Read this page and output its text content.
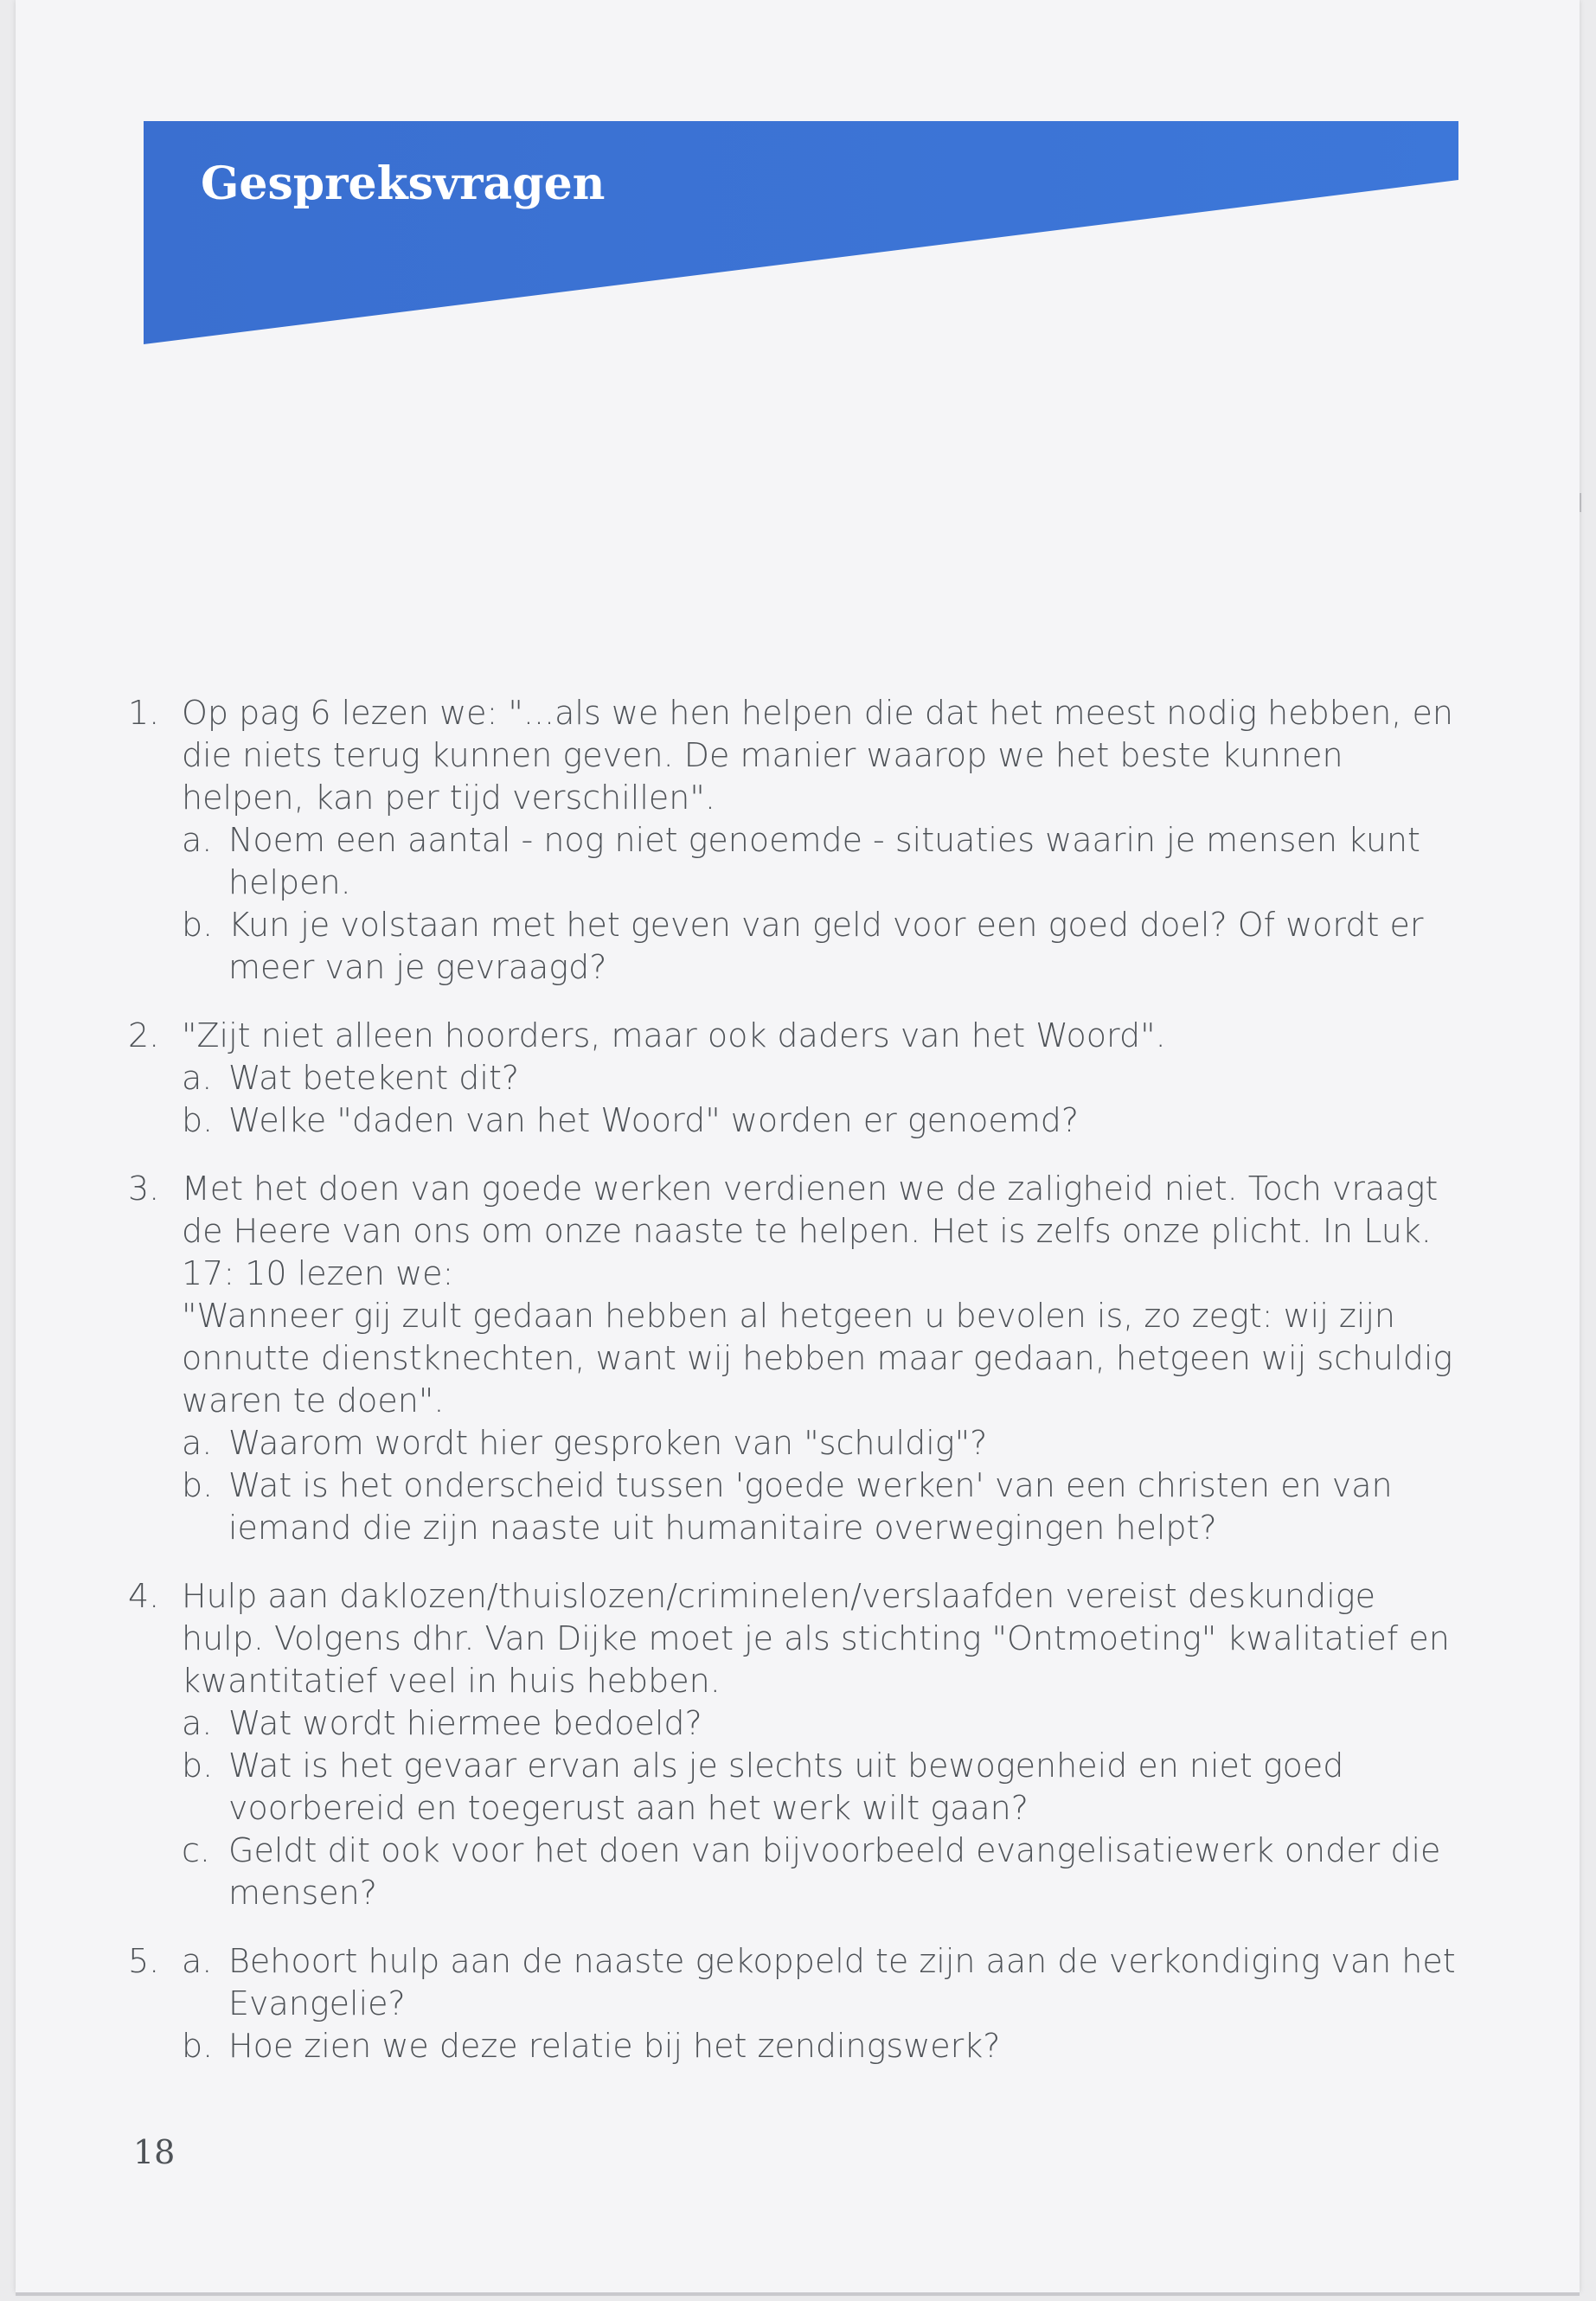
Gespreksvragen
1. Op pag 6 lezen we: "...als we hen helpen die dat het meest nodig hebben, en die niets terug kunnen geven. De manier waarop we het beste kunnen helpen, kan per tijd verschillen".
a. Noem een aantal - nog niet genoemde - situaties waarin je mensen kunt helpen.
b. Kun je volstaan met het geven van geld voor een goed doel? Of wordt er meer van je gevraagd?
2. "Zijt niet alleen hoorders, maar ook daders van het Woord".
a. Wat betekent dit?
b. Welke "daden van het Woord" worden er genoemd?
3. Met het doen van goede werken verdienen we de zaligheid niet. Toch vraagt de Heere van ons om onze naaste te helpen. Het is zelfs onze plicht. In Luk. 17: 10 lezen we:
"Wanneer gij zult gedaan hebben al hetgeen u bevolen is, zo zegt: wij zijn onnutte dienstknechten, want wij hebben maar gedaan, hetgeen wij schuldig waren te doen".
a. Waarom wordt hier gesproken van "schuldig"?
b. Wat is het onderscheid tussen 'goede werken' van een christen en van iemand die zijn naaste uit humanitaire overwegingen helpt?
4. Hulp aan daklozen/thuislozen/criminelen/verslaafden vereist deskundige hulp. Volgens dhr. Van Dijke moet je als stichting "Ontmoeting" kwalitatief en kwantitatief veel in huis hebben.
a. Wat wordt hiermee bedoeld?
b. Wat is het gevaar ervan als je slechts uit bewogenheid en niet goed voorbereid en toegerust aan het werk wilt gaan?
c. Geldt dit ook voor het doen van bijvoorbeeld evangelisatiewerk onder die mensen?
5. a. Behoort hulp aan de naaste gekoppeld te zijn aan de verkondiging van het Evangelie?
b. Hoe zien we deze relatie bij het zendingswerk?
18
